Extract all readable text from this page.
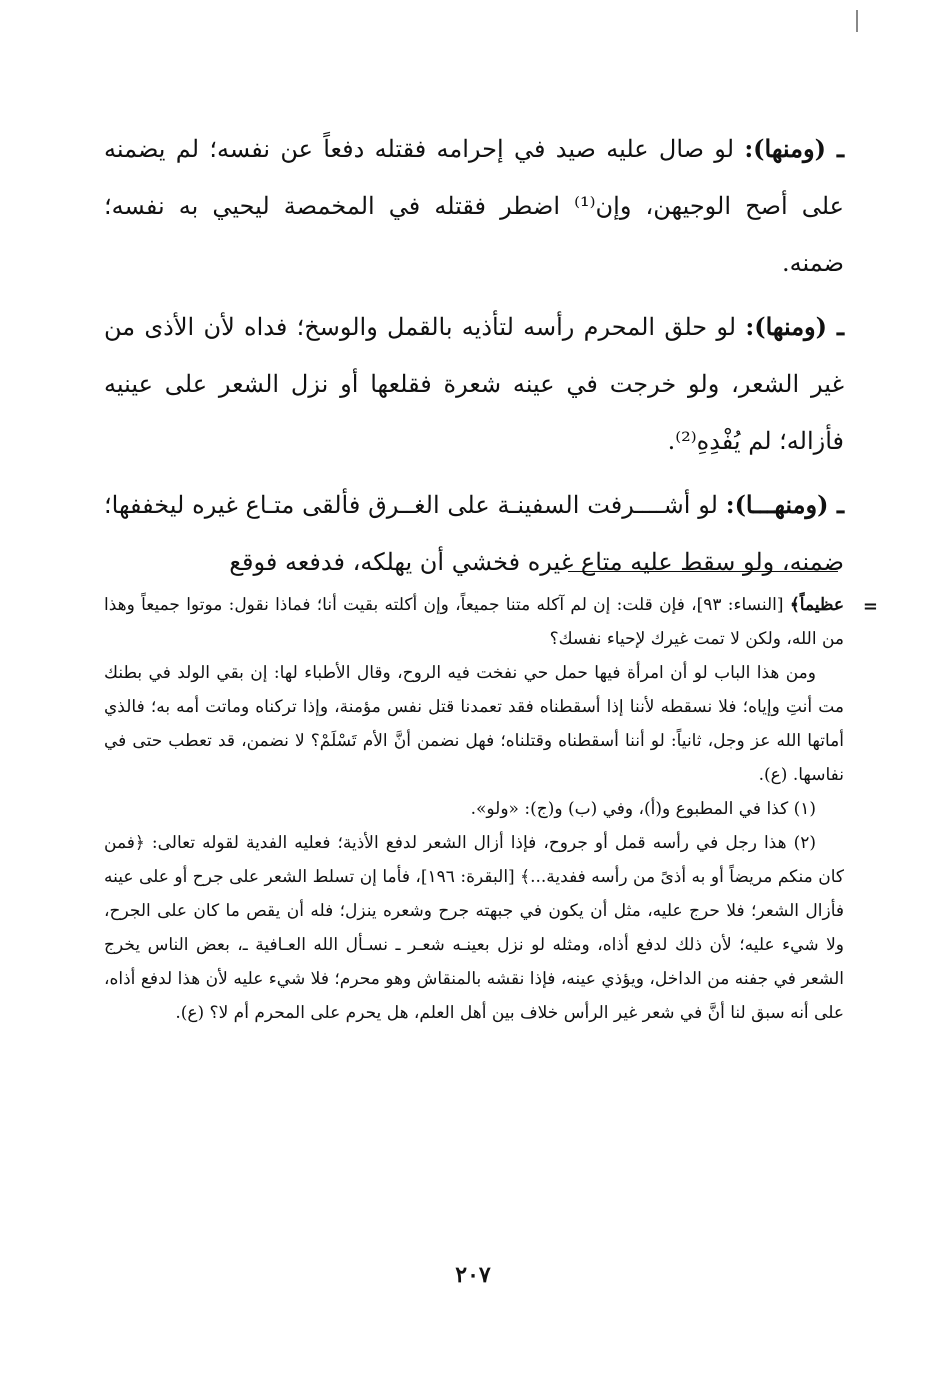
ـ (ومنها): لو صال عليه صيد في إحرامه فقتله دفعاً عن نفسه؛ لم يضمنه على أصح الوجيهن، وإن⁽¹⁾ اضطر فقتله في المخمصة ليحيي به نفسه؛ ضمنه.

ـ (ومنها): لو حلق المحرم رأسه لتأذيه بالقمل والوسخ؛ فداه لأن الأذى من غير الشعر، ولو خرجت في عينه شعرة فقلعها أو نزل الشعر على عينيه فأزاله؛ لم يُفْدِهِ⁽²⁾.

ـ (ومنهـــا): لو أشــــرفت السفينـة على الغــرق فألقى متـاع غيره ليخففها؛ ضمنه، ولو سقط عليه متاع غيره فخشي أن يهلكه، فدفعه فوقع

=

عظيماً﴾ [النساء: ٩٣]، فإن قلت: إن لم آكله متنا جميعاً، وإن أكلته بقيت أنا؛ فماذا نقول: موتوا جميعاً وهذا من الله، ولكن لا تمت غيرك لإحياء نفسك؟

ومن هذا الباب لو أن امرأة فيها حمل حي نفخت فيه الروح، وقال الأطباء لها: إن بقي الولد في بطنك مت أنتِ وإياه؛ فلا نسقطه لأننا إذا أسقطناه فقد تعمدنا قتل نفس مؤمنة، وإذا تركناه وماتت أمه به؛ فالذي أماتها الله عز وجل، ثانياً: لو أننا أسقطناه وقتلناه؛ فهل نضمن أنَّ الأم تَسْلَمْ؟ لا نضمن، قد تعطب حتى في نفاسها. (ع).

(١) كذا في المطبوع و(أ)، وفي (ب) و(ج): «ولو».

(٢) هذا رجل في رأسه قمل أو جروح، فإذا أزال الشعر لدفع الأذية؛ فعليه الفدية لقوله تعالى: ﴿فمن كان منكم مريضاً أو به أذىً من رأسه ففدية...﴾ [البقرة: ١٩٦]، فأما إن تسلط الشعر على جرح أو على عينه فأزال الشعر؛ فلا حرج عليه، مثل أن يكون في جبهته جرح وشعره ينزل؛ فله أن يقص ما كان على الجرح، ولا شيء عليه؛ لأن ذلك لدفع أذاه، ومثله لو نزل بعينـه شعـر ـ نسـأل الله العـافية ـ، بعض الناس يخرج الشعر في جفنه من الداخل، ويؤذي عينه، فإذا نقشه بالمنقاش وهو محرم؛ فلا شيء عليه لأن هذا لدفع أذاه، على أنه سبق لنا أنَّ في شعر غير الرأس خلاف بين أهل العلم، هل يحرم على المحرم أم لا؟ (ع).

٢٠٧
